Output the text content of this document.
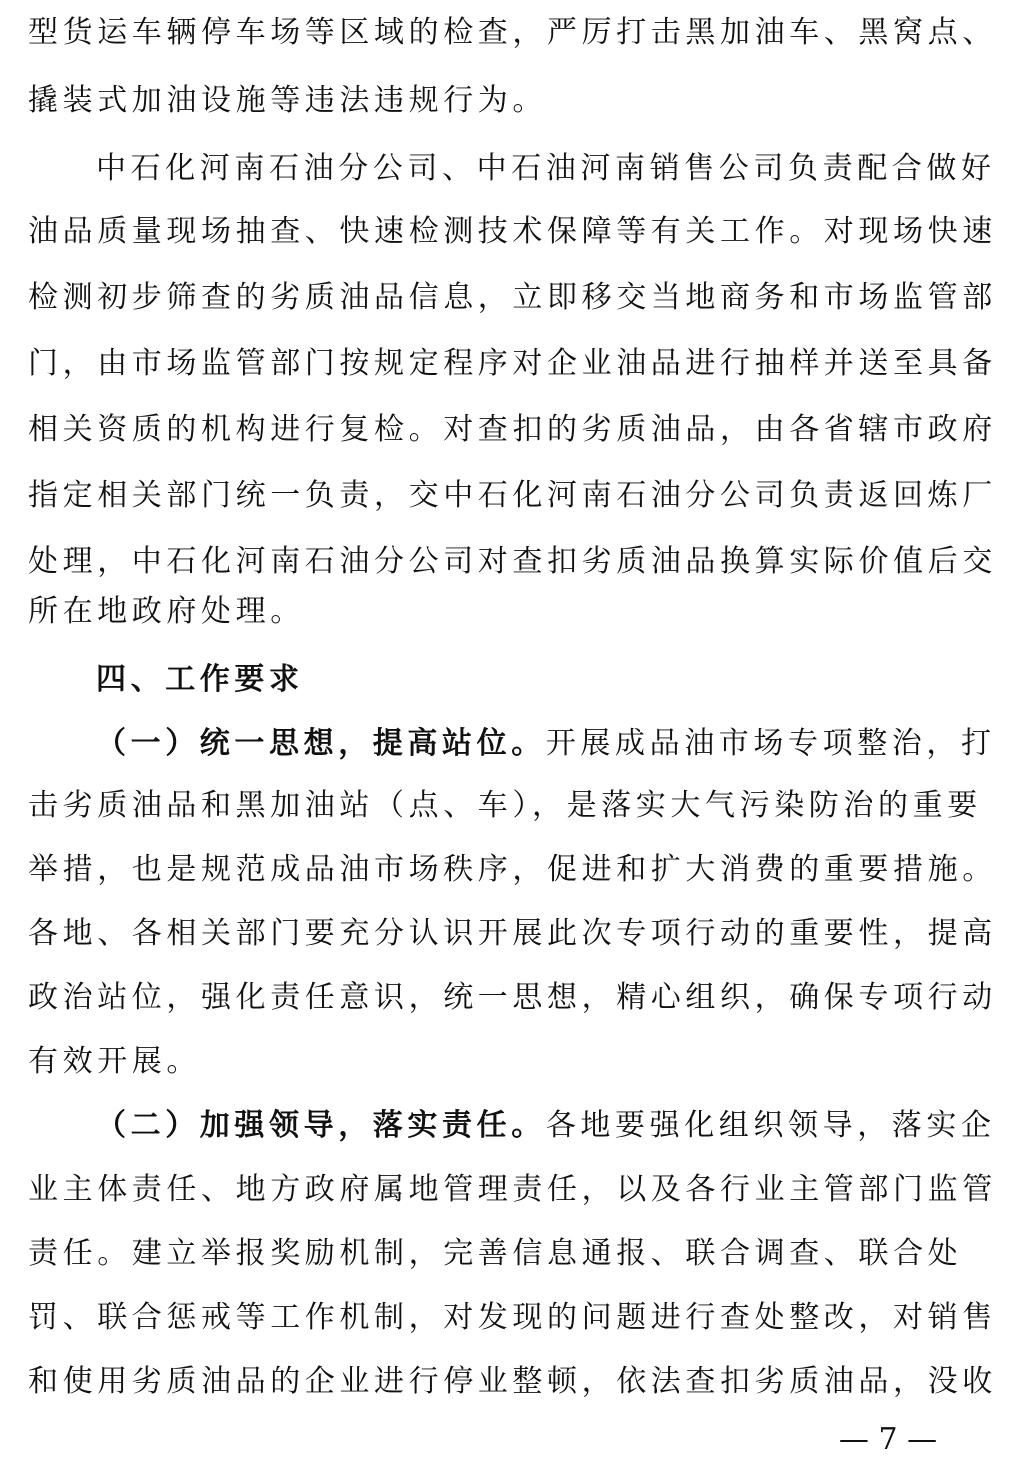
型货运车辆停车场等区域的检查，严厉打击黑加油车、黑窝点、
撬装式加油设施等违法违规行为。
中石化河南石油分公司、中石油河南销售公司负责配合做好
油品质量现场抽查、快速检测技术保障等有关工作。对现场快速
检测初步筛查的劣质油品信息，立即移交当地商务和市场监管部
门，由市场监管部门按规定程序对企业油品进行抽样并送至具备
相关资质的机构进行复检。对查扣的劣质油品，由各省辖市政府
指定相关部门统一负责，交中石化河南石油分公司负责返回炼厂
处理，中石化河南石油分公司对查扣劣质油品换算实际价值后交
所在地政府处理。
四、工作要求
（一）统一思想，提高站位。开展成品油市场专项整治，打
击劣质油品和黑加油站（点、车），是落实大气污染防治的重要
举措，也是规范成品油市场秩序，促进和扩大消费的重要措施。
各地、各相关部门要充分认识开展此次专项行动的重要性，提高
政治站位，强化责任意识，统一思想，精心组织，确保专项行动
有效开展。
（二）加强领导，落实责任。各地要强化组织领导，落实企
业主体责任、地方政府属地管理责任，以及各行业主管部门监管
责任。建立举报奖励机制，完善信息通报、联合调查、联合处
罚、联合惩戒等工作机制，对发现的问题进行查处整改，对销售
和使用劣质油品的企业进行停业整顿，依法查扣劣质油品，没收
— 7 —
